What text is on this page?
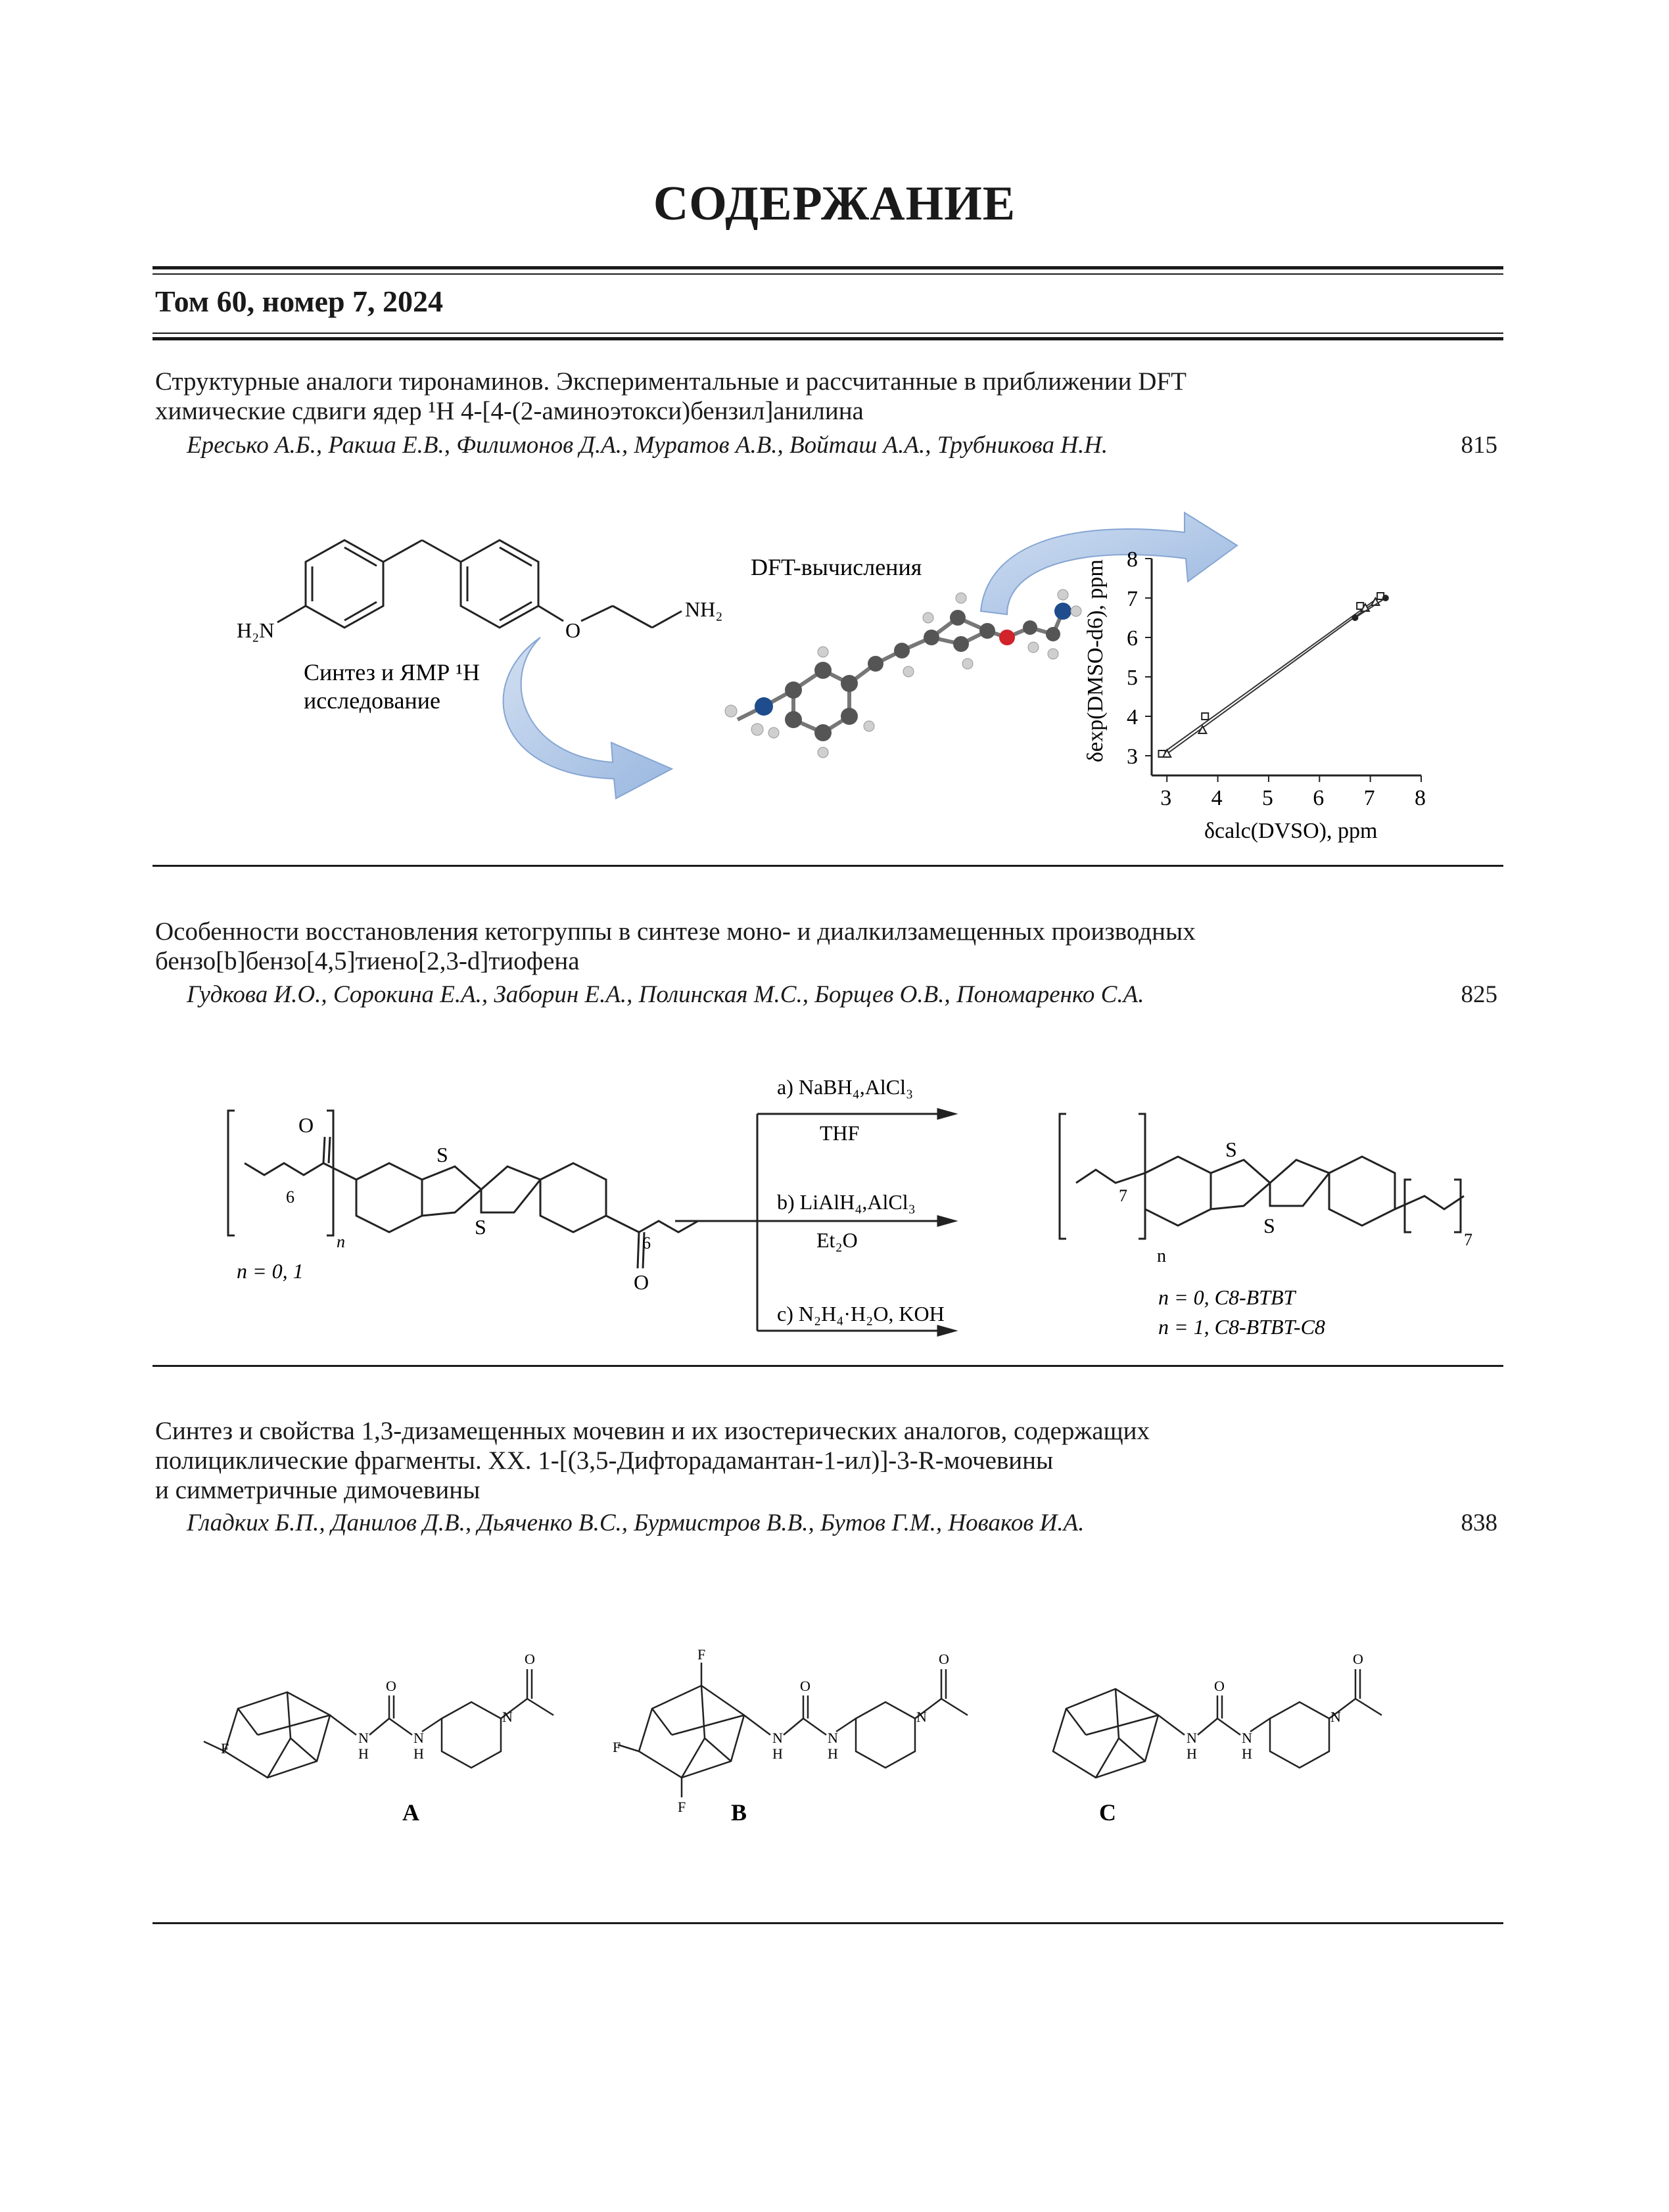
СОДЕРЖАНИЕ
Том 60, номер 7, 2024
Структурные аналоги тиронаминов. Экспериментальные и рассчитанные в приближении DFT
химические сдвиги ядер ¹H 4-[4-(2-аминоэтокси)бензил]анилина
Ересько А.Б., Ракша Е.В., Филимонов Д.А., Муратов А.В., Войташ А.А., Трубникова Н.Н.	815
H₂N	O
NH₂
Синтез и ЯМР ¹H
исследование
DFT-вычисления
3 4 5 6 7 8
3
4
5
6
7
8
δcalc(DVSO), ppm
δexp(DMSO-d6), ppm
Особенности восстановления кетогруппы в синтезе моно- и диалкилзамещенных производных
бензо[b]бензо[4,5]тиено[2,3-d]тиофена
Гудкова И.О., Сорокина Е.А., Заборин Е.А., Полинская М.С., Борщев О.В., Пономаренко С.А.	825
O
S
S
6
n
O
6
n = 0, 1
a) NaBH₄,AlCl₃
THF
b) LiAlH₄,AlCl₃
Et₂O
c) N₂H₄·H₂O, KOH
S
S
7
7
n
n = 0, C8-BTBT
n = 1, C8-BTBT-C8
Синтез и свойства 1,3-дизамещенных мочевин и их изостерических аналогов, содержащих
полициклические фрагменты. XX. 1-[(3,5-Дифторадамантан-1-ил)]-3-R-мочевины
и симметричные димочевины
Гладких Б.П., Данилов Д.В., Дьяченко В.С., Бурмистров В.В., Бутов Г.М., Новаков И.А.	838
F
N
H
O
N
H
N
O
A
F
F
F
N
H
O
N
H
N
O
B
N
H
O
N
H
N
O
C
